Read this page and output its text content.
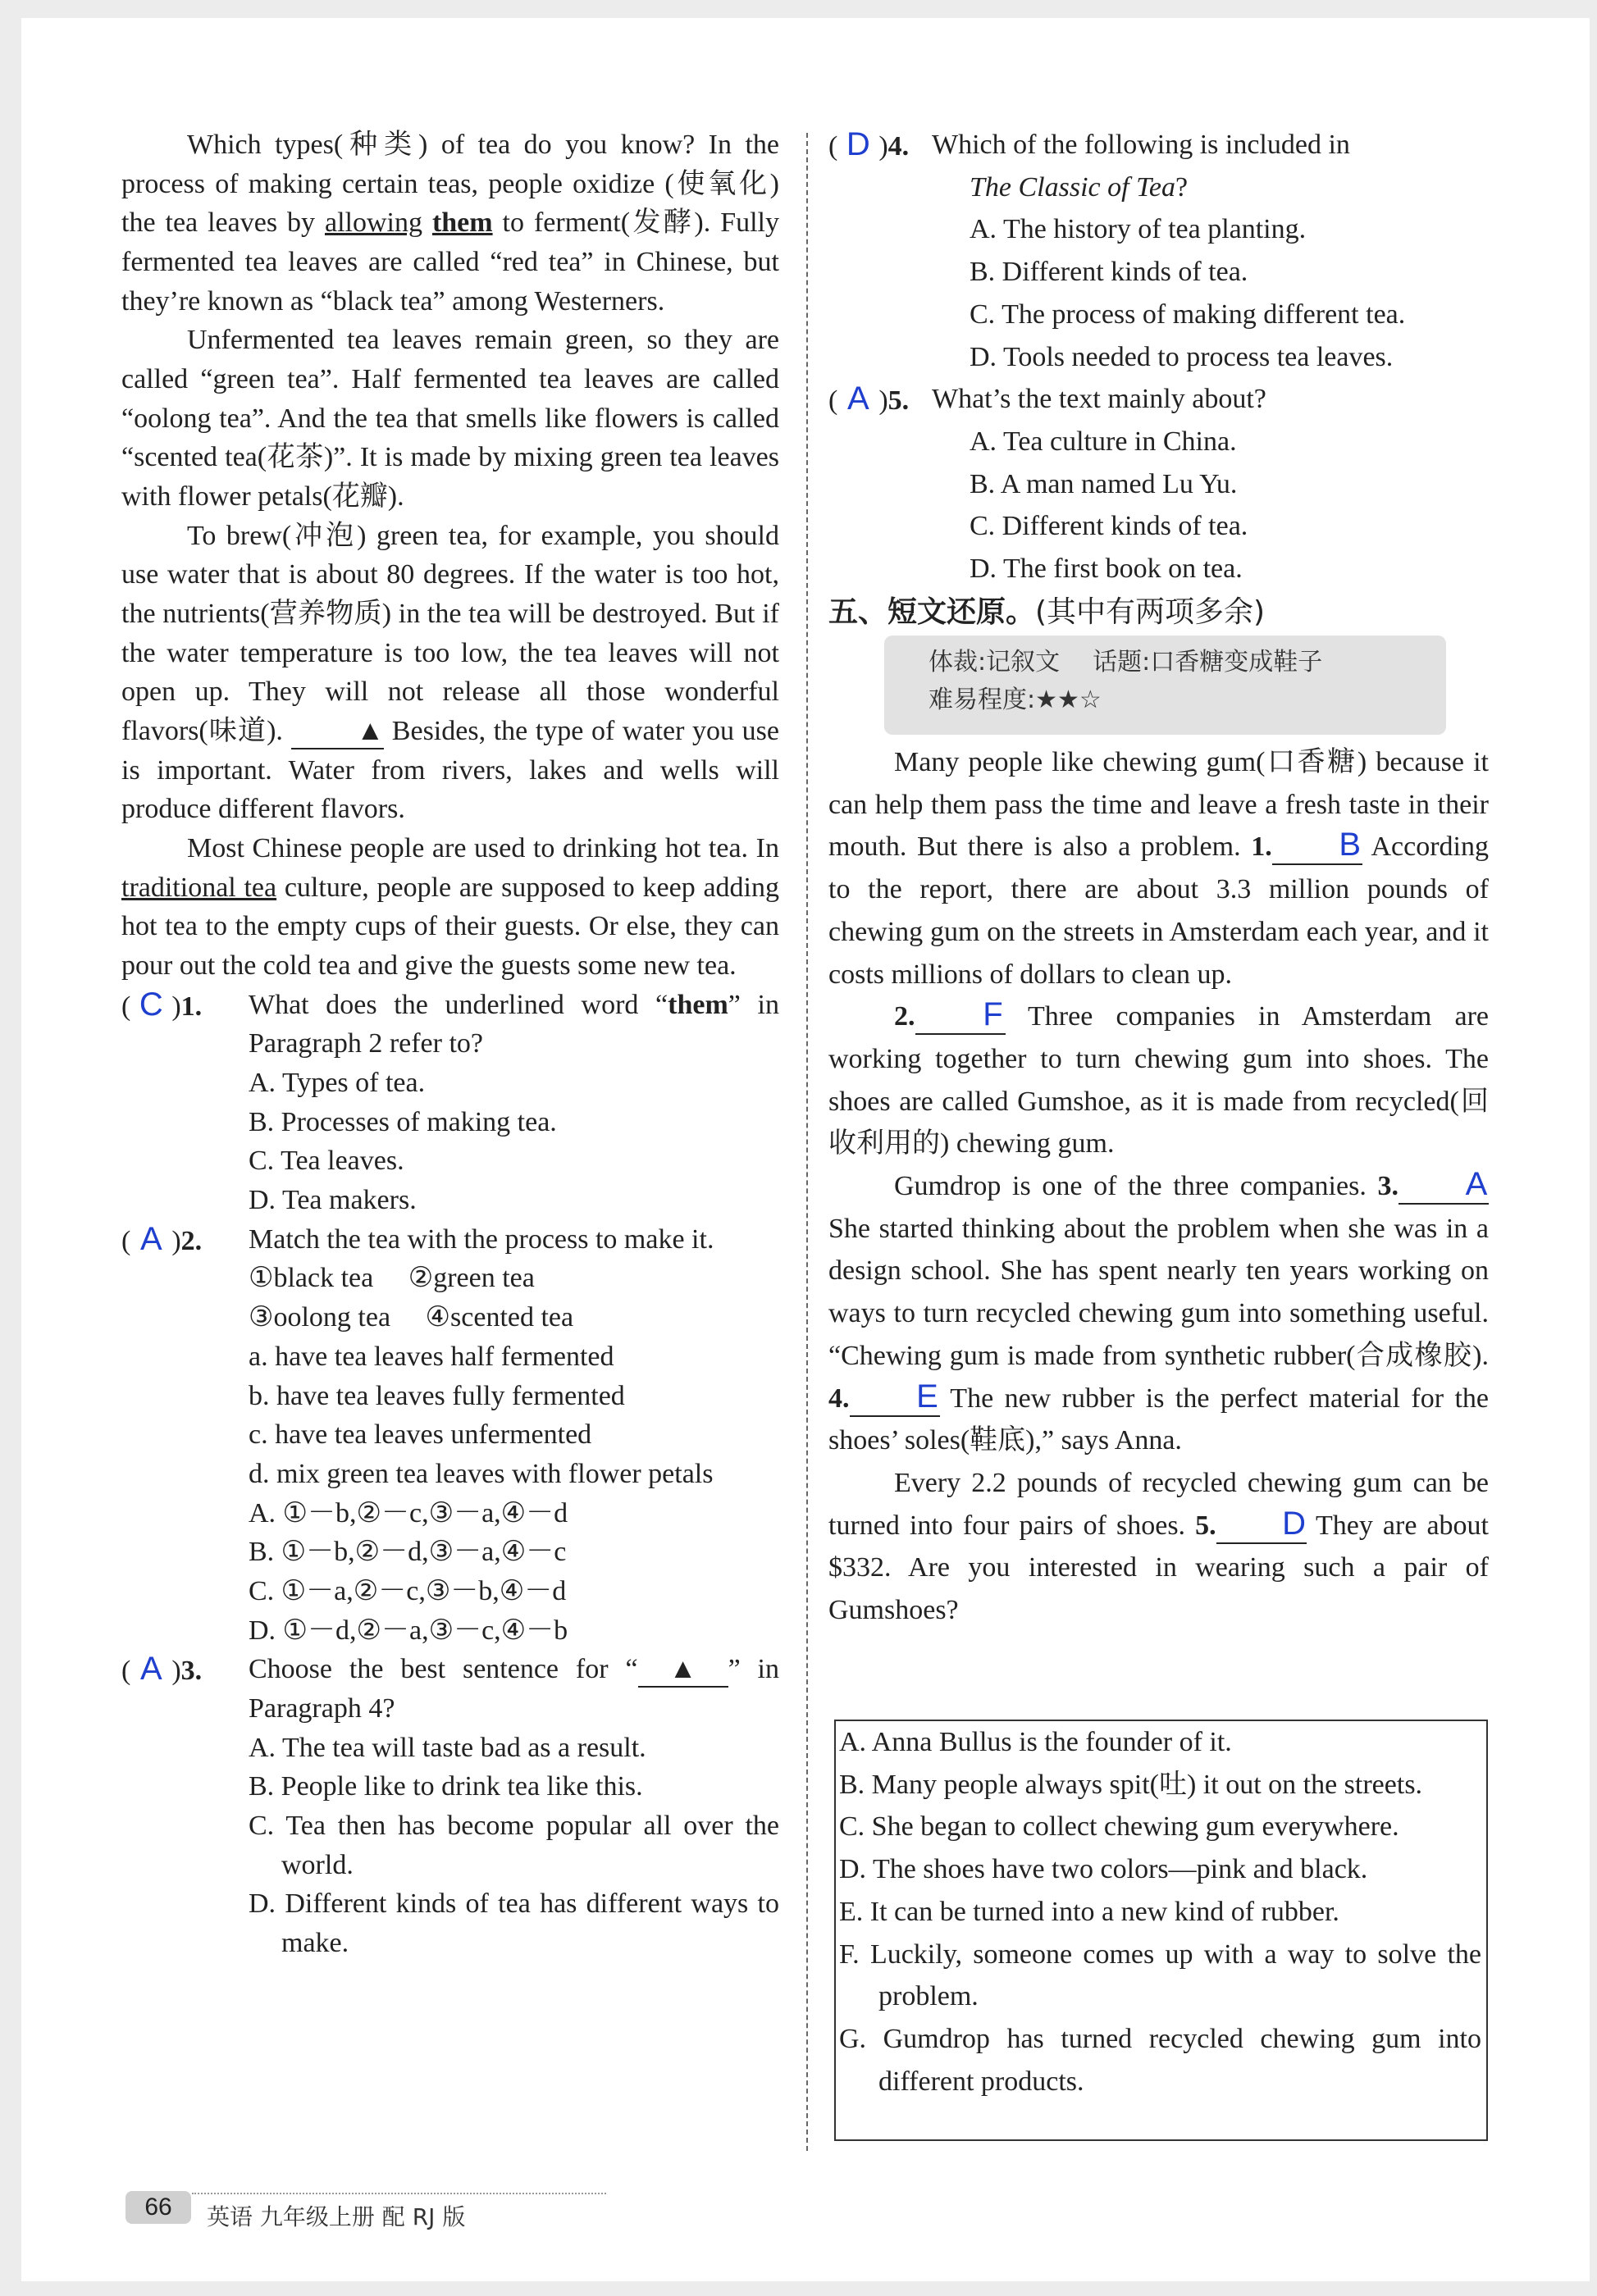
Which types(种类) of tea do you know? In the process of making certain teas, people oxidize (使氧化) the tea leaves by allowing them to ferment(发酵). Fully fermented tea leaves are called “red tea” in Chinese, but they’re known as “black tea” among Westerners.

Unfermented tea leaves remain green, so they are called “green tea”. Half fermented tea leaves are called “oolong tea”. And the tea that smells like flowers is called “scented tea(花茶)”. It is made by mixing green tea leaves with flower petals(花瓣).

To brew(冲泡) green tea, for example, you should use water that is about 80 degrees. If the water is too hot, the nutrients(营养物质) in the tea will be destroyed. But if the water temperature is too low, the tea leaves will not open up. They will not release all those wonderful flavors(味道). ▲ Besides, the type of water you use is important. Water from rivers, lakes and wells will produce different flavors.

Most Chinese people are used to drinking hot tea. In traditional tea culture, people are supposed to keep adding hot tea to the empty cups of their guests. Or else, they can pour out the cold tea and give the guests some new tea.

( C )1. What does the underlined word “them” in Paragraph 2 refer to?

A. Types of tea.

B. Processes of making tea.

C. Tea leaves.

D. Tea makers.

( A )2. Match the tea with the process to make it.

①black tea  ②green tea

③oolong tea  ④scented tea

a. have tea leaves half fermented

b. have tea leaves fully fermented

c. have tea leaves unfermented

d. mix green tea leaves with flower petals

A. ①－b,②－c,③－a,④－d

B. ①－b,②－d,③－a,④－c

C. ①－a,②－c,③－b,④－d

D. ①－d,②－a,③－c,④－b

( A )3. Choose the best sentence for “ ▲ ” in Paragraph 4?

A. The tea will taste bad as a result.

B. People like to drink tea like this.

C. Tea then has become popular all over the world.

D. Different kinds of tea has different ways to make.

( D )4. Which of the following is included in

The Classic of Tea?

A. The history of tea planting.

B. Different kinds of tea.

C. The process of making different tea.

D. Tools needed to process tea leaves.

( A )5. What’s the text mainly about?

A. Tea culture in China.

B. A man named Lu Yu.

C. Different kinds of tea.

D. The first book on tea.

五、短文还原。(其中有两项多余)
体裁:记叙文 话题:口香糖变成鞋子
难易程度:★★☆

Many people like chewing gum(口香糖) because it can help them pass the time and leave a fresh taste in their mouth. But there is also a problem. 1. B According to the report, there are about 3.3 million pounds of chewing gum on the streets in Amsterdam each year, and it costs millions of dollars to clean up.

2. F Three companies in Amsterdam are working together to turn chewing gum into shoes. The shoes are called Gumshoe, as it is made from recycled(回收利用的) chewing gum.

Gumdrop is one of the three companies. 3. A She started thinking about the problem when she was in a design school. She has spent nearly ten years working on ways to turn recycled chewing gum into something useful. “Chewing gum is made from synthetic rubber(合成橡胶). 4. E The new rubber is the perfect material for the shoes’ soles(鞋底),” says Anna.

Every 2.2 pounds of recycled chewing gum can be turned into four pairs of shoes. 5. D They are about $332. Are you interested in wearing such a pair of Gumshoes?

A. Anna Bullus is the founder of it.

B. Many people always spit(吐) it out on the streets.

C. She began to collect chewing gum everywhere.

D. The shoes have two colors—pink and black.

E. It can be turned into a new kind of rubber.

F. Luckily, someone comes up with a way to solve the problem.

G. Gumdrop has turned recycled chewing gum into different products.

66	英语 九年级上册 配 RJ 版
